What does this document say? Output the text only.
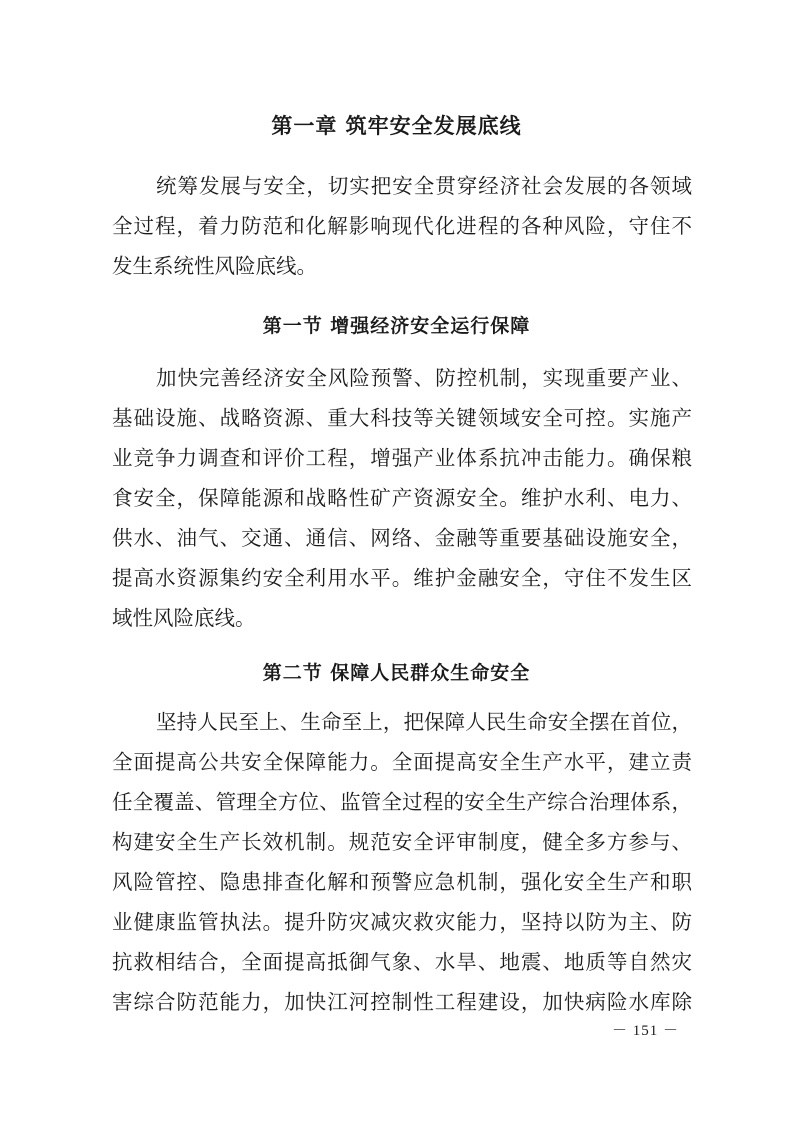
第一章 筑牢安全发展底线
统筹发展与安全，切实把安全贯穿经济社会发展的各领域
全过程，着力防范和化解影响现代化进程的各种风险，守住不
发生系统性风险底线。
第一节 增强经济安全运行保障
加快完善经济安全风险预警、防控机制，实现重要产业、
基础设施、战略资源、重大科技等关键领域安全可控。实施产
业竞争力调查和评价工程，增强产业体系抗冲击能力。确保粮
食安全，保障能源和战略性矿产资源安全。维护水利、电力、
供水、油气、交通、通信、网络、金融等重要基础设施安全，
提高水资源集约安全利用水平。维护金融安全，守住不发生区
域性风险底线。
第二节 保障人民群众生命安全
坚持人民至上、生命至上，把保障人民生命安全摆在首位，
全面提高公共安全保障能力。全面提高安全生产水平，建立责
任全覆盖、管理全方位、监管全过程的安全生产综合治理体系，
构建安全生产长效机制。规范安全评审制度，健全多方参与、
风险管控、隐患排查化解和预警应急机制，强化安全生产和职
业健康监管执法。提升防灾减灾救灾能力，坚持以防为主、防
抗救相结合，全面提高抵御气象、水旱、地震、地质等自然灾
害综合防范能力，加快江河控制性工程建设，加快病险水库除
－ 151 －
